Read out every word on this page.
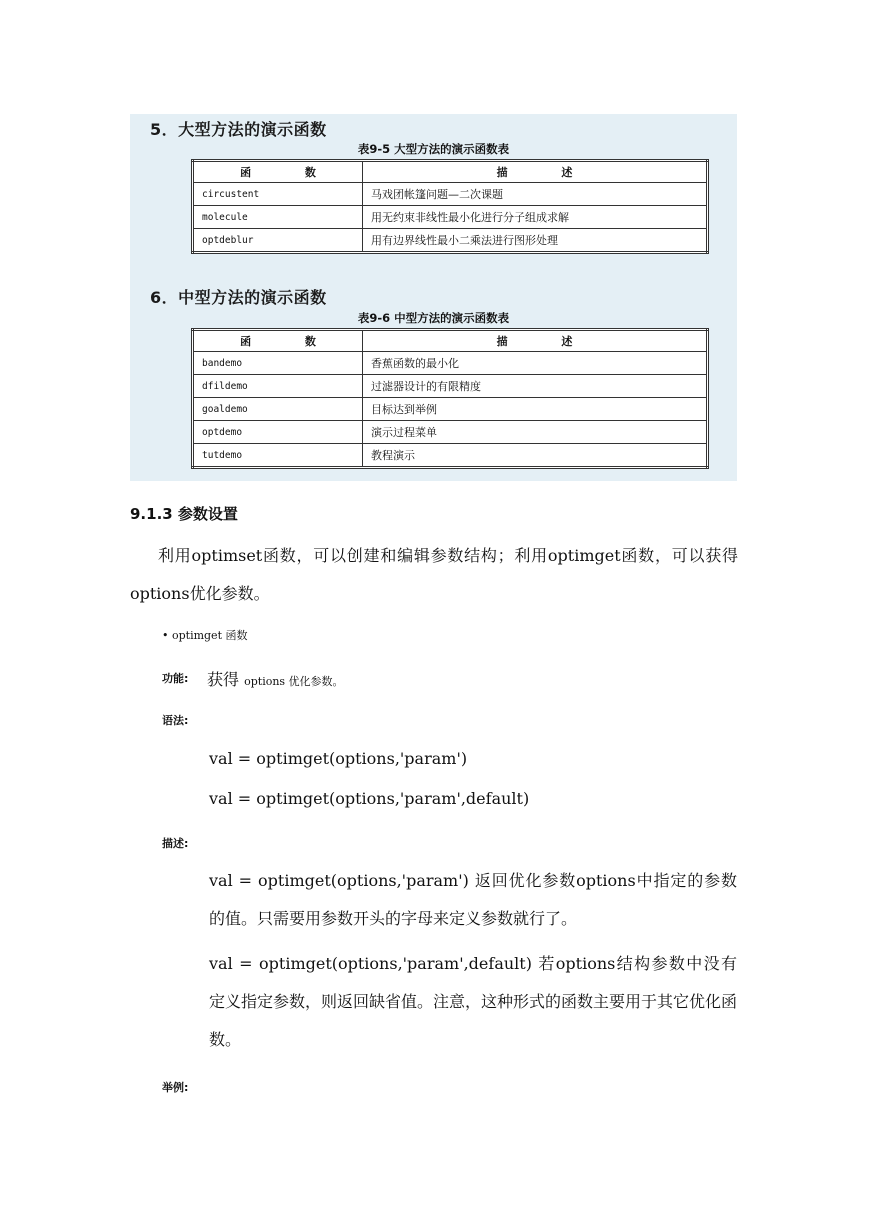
5．大型方法的演示函数
表9-5 大型方法的演示函数表
函 数	描 述
circustent	马戏团帐篷问题—二次课题
molecule	用无约束非线性最小化进行分子组成求解
optdeblur	用有边界线性最小二乘法进行图形处理
6．中型方法的演示函数
表9-6 中型方法的演示函数表
函 数	描 述
bandemo	香蕉函数的最小化
dfildemo	过滤器设计的有限精度
goaldemo	目标达到举例
optdemo	演示过程菜单
tutdemo	教程演示
9.1.3 参数设置
利用optimset函数，可以创建和编辑参数结构；利用optimget函数，可以获得options优化参数。
• optimget 函数
功能: 获得 options 优化参数。
语法:
val = optimget(options,'param')
val = optimget(options,'param',default)
描述:
val = optimget(options,'param') 返回优化参数options中指定的参数的值。只需要用参数开头的字母来定义参数就行了。
val = optimget(options,'param',default) 若options结构参数中没有定义指定参数，则返回缺省值。注意，这种形式的函数主要用于其它优化函数。
举例:
